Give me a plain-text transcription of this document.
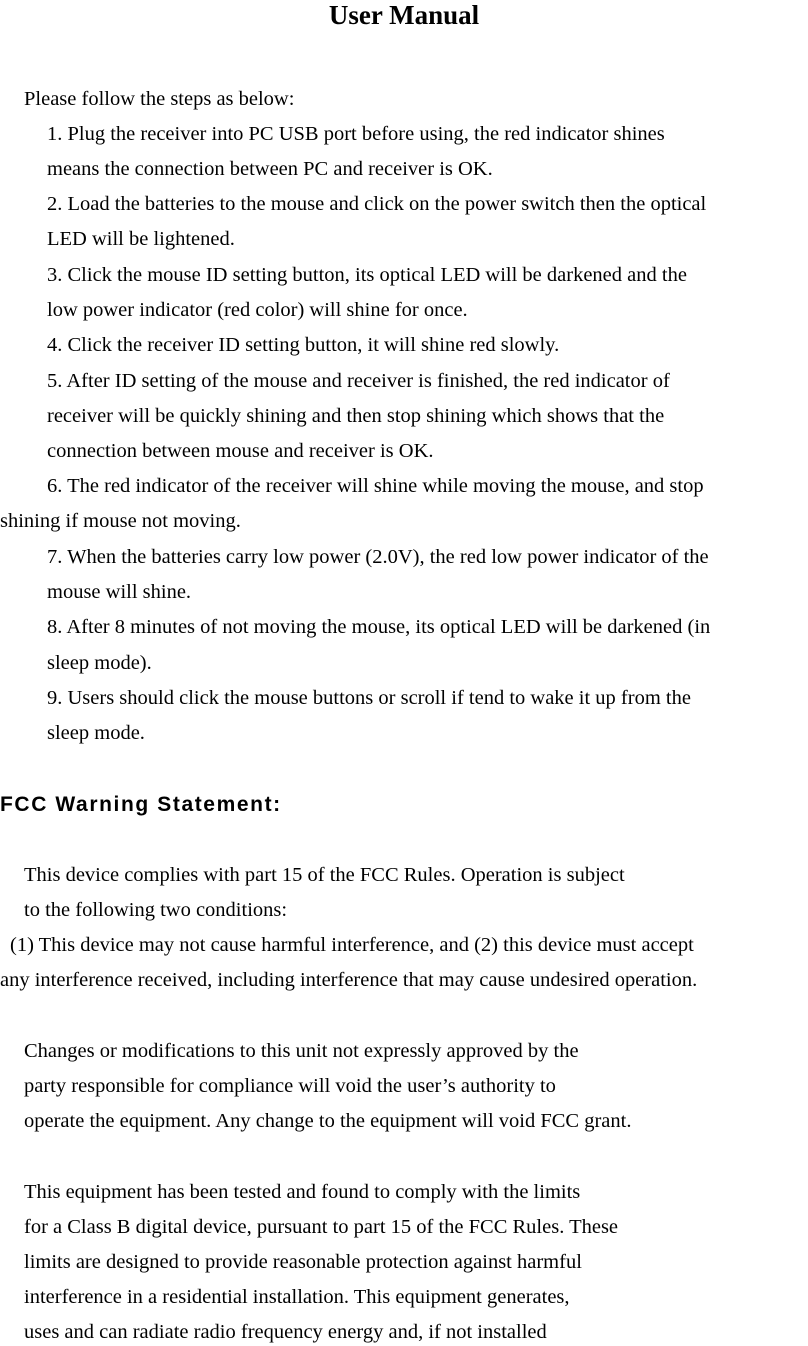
User Manual
Please follow the steps as below:
1. Plug the receiver into PC USB port before using, the red indicator shines
means the connection between PC and receiver is OK.
2. Load the batteries to the mouse and click on the power switch then the optical
LED will be lightened.
3. Click the mouse ID setting button, its optical LED will be darkened and the
low power indicator (red color) will shine for once.
4. Click the receiver ID setting button, it will shine red slowly.
5. After ID setting of the mouse and receiver is finished, the red indicator of
receiver will be quickly shining and then stop shining which shows that the
connection between mouse and receiver is OK.
6. The red indicator of the receiver will shine while moving the mouse, and stop
shining if mouse not moving.
7. When the batteries carry low power (2.0V), the red low power indicator of the
mouse will shine.
8. After 8 minutes of not moving the mouse, its optical LED will be darkened (in
sleep mode).
9. Users should click the mouse buttons or scroll if tend to wake it up from the
sleep mode.
FCC Warning Statement:
This device complies with part 15 of the FCC Rules. Operation is subject
to the following two conditions:
(1) This device may not cause harmful interference, and (2) this device must accept
any interference received, including interference that may cause undesired operation.
Changes or modifications to this unit not expressly approved by the
party responsible for compliance will void the user’s authority to
operate the equipment. Any change to the equipment will void FCC grant.
This equipment has been tested and found to comply with the limits
for a Class B digital device, pursuant to part 15 of the FCC Rules. These
limits are designed to provide reasonable protection against harmful
interference in a residential installation. This equipment generates,
uses and can radiate radio frequency energy and, if not installed
